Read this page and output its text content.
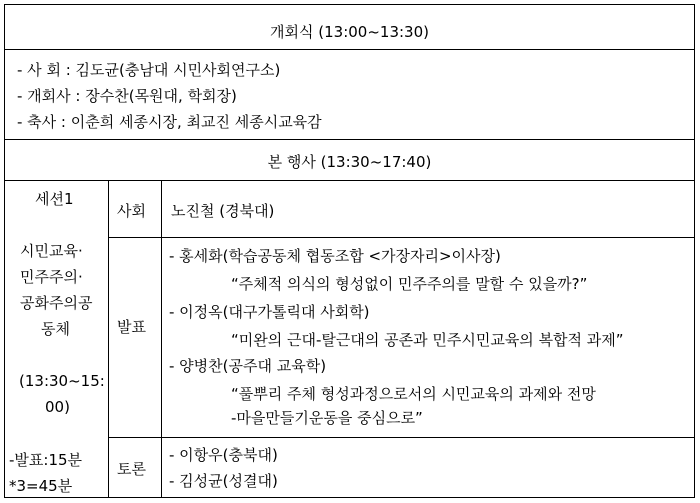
개회식 (13:00~13:30)
- 사 회 : 김도균(충남대 시민사회연구소)
- 개회사 : 장수찬(목원대, 학회장)
- 축사 : 이춘희 세종시장, 최교진 세종시교육감
본 행사 (13:30~17:40)
세션1
시민교육·
민주주의·
공화주의공
동체
(13:30~15:
00)
-발표:15분
*3=45분
사회 노진철 (경북대)
발표
- 홍세화(학습공동체 협동조합 <가장자리>이사장)
“주체적 의식의 형성없이 민주주의를 말할 수 있을까?”
- 이정옥(대구가톨릭대 사회학)
“미완의 근대-탈근대의 공존과 민주시민교육의 복합적 과제”
- 양병찬(공주대 교육학)
“풀뿌리 주체 형성과정으로서의 시민교육의 과제와 전망
-마을만들기운동을 중심으로”
토론
- 이항우(충북대)
- 김성균(성결대)
